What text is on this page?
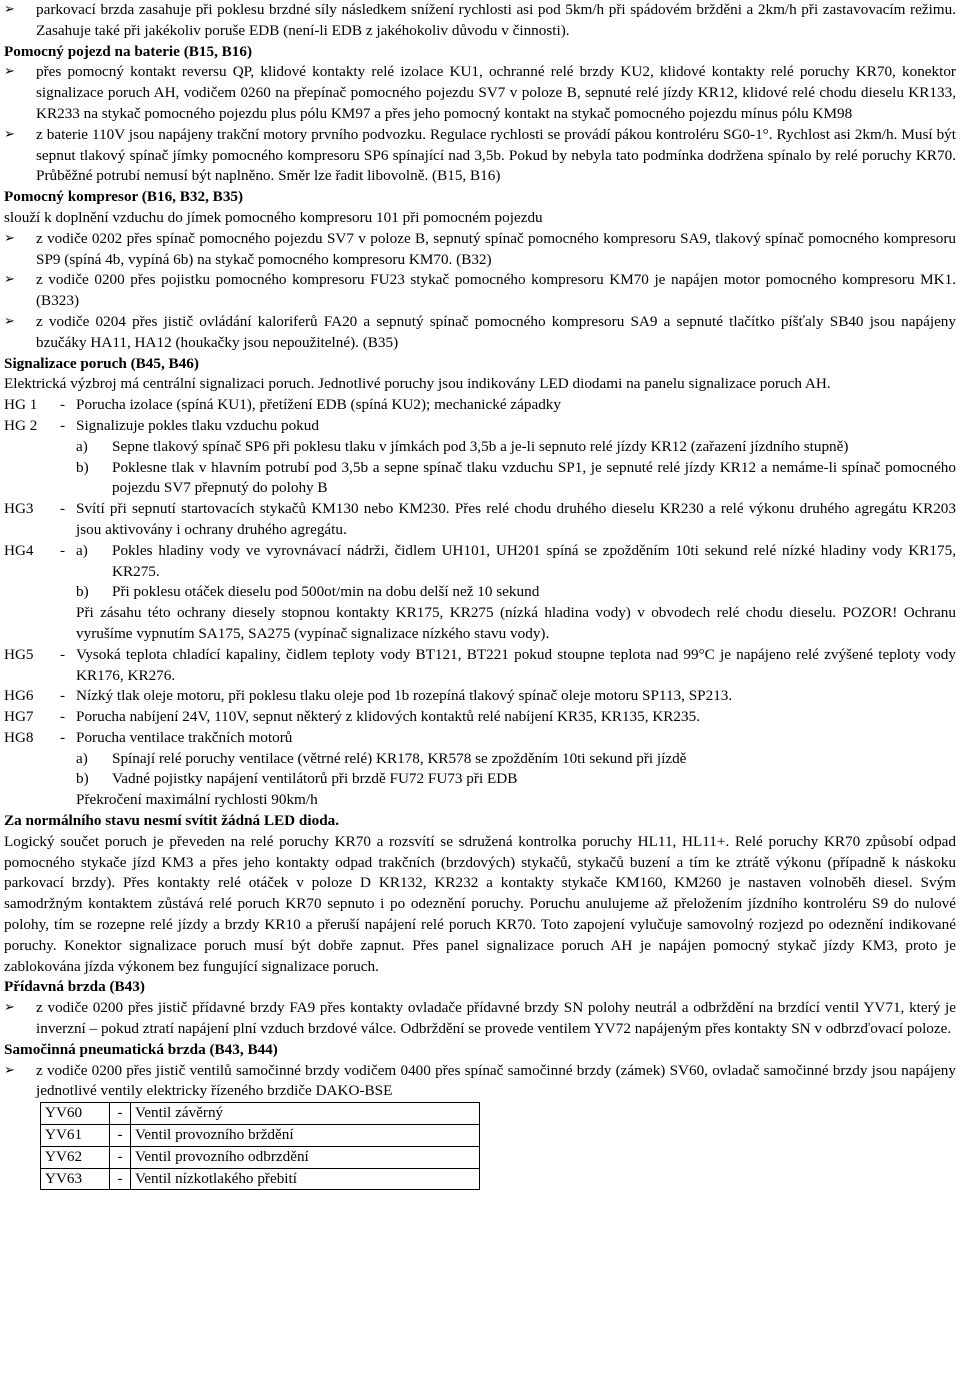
➢	parkovací brzda zasahuje při poklesu brzdné síly následkem snížení rychlosti asi pod 5km/h při spádovém bržděni a 2km/h při zastavovacím režimu. Zasahuje také při jakékoliv poruše EDB (není-li EDB z jakéhokoliv důvodu v činnosti).
Pomocný pojezd na baterie (B15, B16)
➢	přes pomocný kontakt reversu QP, klidové kontakty relé izolace KU1, ochranné relé brzdy KU2, klidové kontakty relé poruchy KR70, konektor signalizace poruch AH, vodičem 0260 na přepínač pomocného pojezdu SV7 v poloze B, sepnuté relé jízdy KR12, klidové relé chodu dieselu KR133, KR233 na stykač pomocného pojezdu plus pólu KM97 a přes jeho pomocný kontakt na stykač pomocného pojezdu mínus pólu KM98
➢	z baterie 110V jsou napájeny trakční motory prvního podvozku. Regulace rychlosti se provádí pákou kontroléru SG0-1°. Rychlost asi 2km/h. Musí být sepnut tlakový spínač jímky pomocného kompresoru SP6 spínající nad 3,5b. Pokud by nebyla tato podmínka dodržena spínalo by relé poruchy KR70. Průběžné potrubí nemusí být naplněno. Směr lze řadit libovolně. (B15, B16)
Pomocný kompresor (B16, B32, B35)
slouží k doplnění vzduchu do jímek pomocného kompresoru 101 při pomocném pojezdu
➢	z vodiče 0202 přes spínač pomocného pojezdu SV7 v poloze B, sepnutý spínač pomocného kompresoru SA9, tlakový spínač pomocného kompresoru SP9 (spíná 4b, vypíná 6b) na stykač pomocného kompresoru KM70. (B32)
➢	z vodiče 0200 přes pojistku pomocného kompresoru FU23 stykač pomocného kompresoru KM70 je napájen motor pomocného kompresoru MK1. (B323)
➢	z vodiče 0204 přes jistič ovládání kaloriferů FA20 a sepnutý spínač pomocného kompresoru SA9 a sepnuté tlačítko píšťaly SB40 jsou napájeny bzučáky HA11, HA12 (houkačky jsou nepoužitelné). (B35)
Signalizace poruch (B45, B46)
Elektrická výzbroj má centrální signalizaci poruch. Jednotlivé poruchy jsou indikovány LED diodami na panelu signalizace poruch AH.
HG 1	- Porucha izolace (spíná KU1), přetížení EDB (spíná KU2); mechanické západky
HG 2	- Signalizuje pokles tlaku vzduchu pokud
a)	Sepne tlakový spínač SP6 při poklesu tlaku v jímkách pod 3,5b a je-li sepnuto relé jízdy KR12 (zařazení jízdního stupně)
b)	Poklesne tlak v hlavním potrubí pod 3,5b a sepne spínač tlaku vzduchu SP1, je sepnuté relé jízdy KR12 a nemáme-li spínač pomocného pojezdu SV7 přepnutý do polohy B
HG3	- Svítí při sepnutí startovacích stykačů KM130 nebo KM230. Přes relé chodu druhého dieselu KR230 a relé výkonu druhého agregátu KR203 jsou aktivovány i ochrany druhého agregátu.
HG4	- a)	Pokles hladiny vody ve vyrovnávací nádrži, čidlem UH101, UH201 spíná se zpožděním 10ti sekund relé nízké hladiny vody KR175, KR275.
b)	Při poklesu otáček dieselu pod 500ot/min na dobu delší než 10 sekund
Při zásahu této ochrany diesely stopnou kontakty KR175, KR275 (nízká hladina vody) v obvodech relé chodu dieselu. POZOR! Ochranu vyrušíme vypnutím SA175, SA275 (vypínač signalizace nízkého stavu vody).
HG5	- Vysoká teplota chladící kapaliny, čidlem teploty vody BT121, BT221 pokud stoupne teplota nad 99°C je napájeno relé zvýšené teploty vody KR176, KR276.
HG6	- Nízký tlak oleje motoru, při poklesu tlaku oleje pod 1b rozepíná tlakový spínač oleje motoru SP113, SP213.
HG7	- Porucha nabíjení 24V, 110V, sepnut některý z klidových kontaktů relé nabíjení KR35, KR135, KR235.
HG8	- Porucha ventilace trakčních motorů
a)	Spínají relé poruchy ventilace (větrné relé) KR178, KR578 se zpožděním 10ti sekund při jízdě
b)	Vadné pojistky napájení ventilátorů při brzdě FU72 FU73 při EDB
Překročení maximální rychlosti 90km/h
Za normálního stavu nesmí svítit žádná LED dioda.
Logický součet poruch je převeden na relé poruchy KR70 a rozsvítí se sdružená kontrolka poruchy HL11, HL11+. Relé poruchy KR70 způsobí odpad pomocného stykače jízd KM3 a přes jeho kontakty odpad trakčních (brzdových) stykačů, stykačů buzení a tím ke ztrátě výkonu (případně k náskoku parkovací brzdy). Přes kontakty relé otáček v poloze D KR132, KR232 a kontakty stykače KM160, KM260 je nastaven volnoběh diesel. Svým samodržným kontaktem zůstává relé poruch KR70 sepnuto i po odeznění poruchy. Poruchu anulujeme až přeložením jízdního kontroléru S9 do nulové polohy, tím se rozepne relé jízdy a brzdy KR10 a přeruší napájení relé poruch KR70. Toto zapojení vylučuje samovolný rozjezd po odeznění indikované poruchy. Konektor signalizace poruch musí být dobře zapnut. Přes panel signalizace poruch AH je napájen pomocný stykač jízdy KM3, proto je zablokována jízda výkonem bez fungující signalizace poruch.
Přídavná brzda (B43)
➢	z vodiče 0200 přes jistič přídavné brzdy FA9 přes kontakty ovladače přídavné brzdy SN polohy neutrál a odbrždění na brzdící ventil YV71, který je inverzní – pokud ztratí napájení plní vzduch brzdové válce. Odbrždění se provede ventilem YV72 napájeným přes kontakty SN v odbrzďovací poloze.
Samočinná pneumatická brzda (B43, B44)
➢	z vodiče 0200 přes jistič ventilů samočinné brzdy vodičem 0400 přes spínač samočinné brzdy (zámek) SV60, ovladač samočinné brzdy jsou napájeny jednotlivé ventily elektricky řízeného brzdiče DAKO-BSE
YV60	-	Ventil závěrný
YV61	-	Ventil provozního brždění
YV62	-	Ventil provozního odbrzdění
YV63	-	Ventil nízkotlakého přebití
